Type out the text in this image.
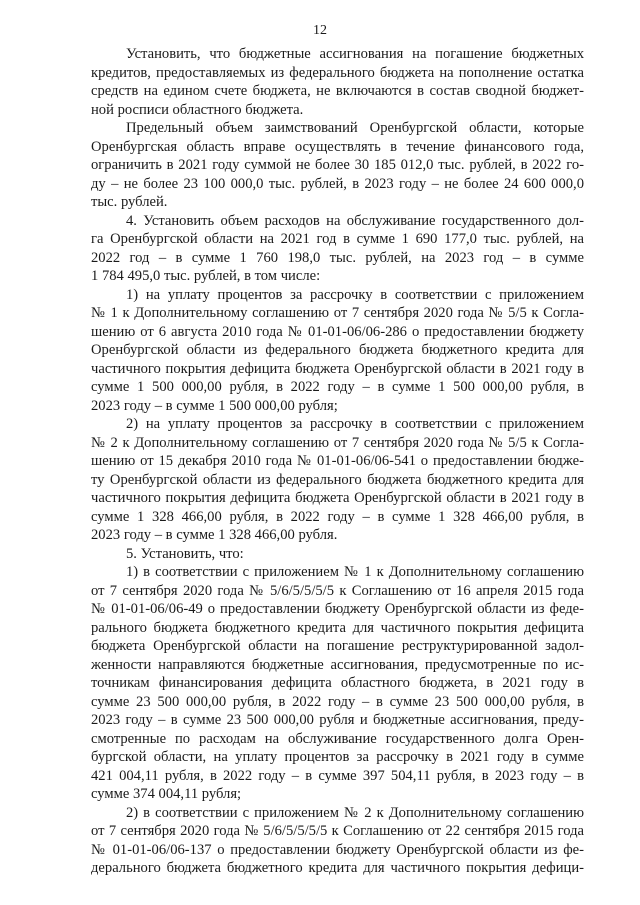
12
Установить, что бюджетные ассигнования на погашение бюджетных
кредитов, предоставляемых из федерального бюджета на пополнение остатка
средств на едином счете бюджета, не включаются в состав сводной бюджет-
ной росписи областного бюджета.
Предельный объем заимствований Оренбургской области, которые
Оренбургская область вправе осуществлять в течение финансового года,
ограничить в 2021 году суммой не более 30 185 012,0 тыс. рублей, в 2022 го-
ду – не более 23 100 000,0 тыс. рублей, в 2023 году – не более 24 600 000,0
тыс. рублей.
4. Установить объем расходов на обслуживание государственного дол-
га Оренбургской области на 2021 год в сумме 1 690 177,0 тыс. рублей, на
2022 год – в сумме 1 760 198,0 тыс. рублей, на 2023 год – в сумме
1 784 495,0 тыс. рублей, в том числе:
1) на уплату процентов за рассрочку в соответствии с приложением
№ 1 к Дополнительному соглашению от 7 сентября 2020 года № 5/5 к Согла-
шению от 6 августа 2010 года № 01-01-06/06-286 о предоставлении бюджету
Оренбургской области из федерального бюджета бюджетного кредита для
частичного покрытия дефицита бюджета Оренбургской области в 2021 году в
сумме 1 500 000,00 рубля, в 2022 году – в сумме 1 500 000,00 рубля, в
2023 году – в сумме 1 500 000,00 рубля;
2) на уплату процентов за рассрочку в соответствии с приложением
№ 2 к Дополнительному соглашению от 7 сентября 2020 года № 5/5 к Согла-
шению от 15 декабря 2010 года № 01-01-06/06-541 о предоставлении бюдже-
ту Оренбургской области из федерального бюджета бюджетного кредита для
частичного покрытия дефицита бюджета Оренбургской области в 2021 году в
сумме 1 328 466,00 рубля, в 2022 году – в сумме 1 328 466,00 рубля, в
2023 году – в сумме 1 328 466,00 рубля.
5. Установить, что:
1) в соответствии с приложением № 1 к Дополнительному соглашению
от 7 сентября 2020 года № 5/6/5/5/5/5 к Соглашению от 16 апреля 2015 года
№ 01-01-06/06-49 о предоставлении бюджету Оренбургской области из феде-
рального бюджета бюджетного кредита для частичного покрытия дефицита
бюджета Оренбургской области на погашение реструктурированной задол-
женности направляются бюджетные ассигнования, предусмотренные по ис-
точникам финансирования дефицита областного бюджета, в 2021 году в
сумме 23 500 000,00 рубля, в 2022 году – в сумме 23 500 000,00 рубля, в
2023 году – в сумме 23 500 000,00 рубля и бюджетные ассигнования, преду-
смотренные по расходам на обслуживание государственного долга Орен-
бургской области, на уплату процентов за рассрочку в 2021 году в сумме
421 004,11 рубля, в 2022 году – в сумме 397 504,11 рубля, в 2023 году – в
сумме 374 004,11 рубля;
2) в соответствии с приложением № 2 к Дополнительному соглашению
от 7 сентября 2020 года № 5/6/5/5/5/5 к Соглашению от 22 сентября 2015 года
№ 01-01-06/06-137 о предоставлении бюджету Оренбургской области из фе-
дерального бюджета бюджетного кредита для частичного покрытия дефици-
